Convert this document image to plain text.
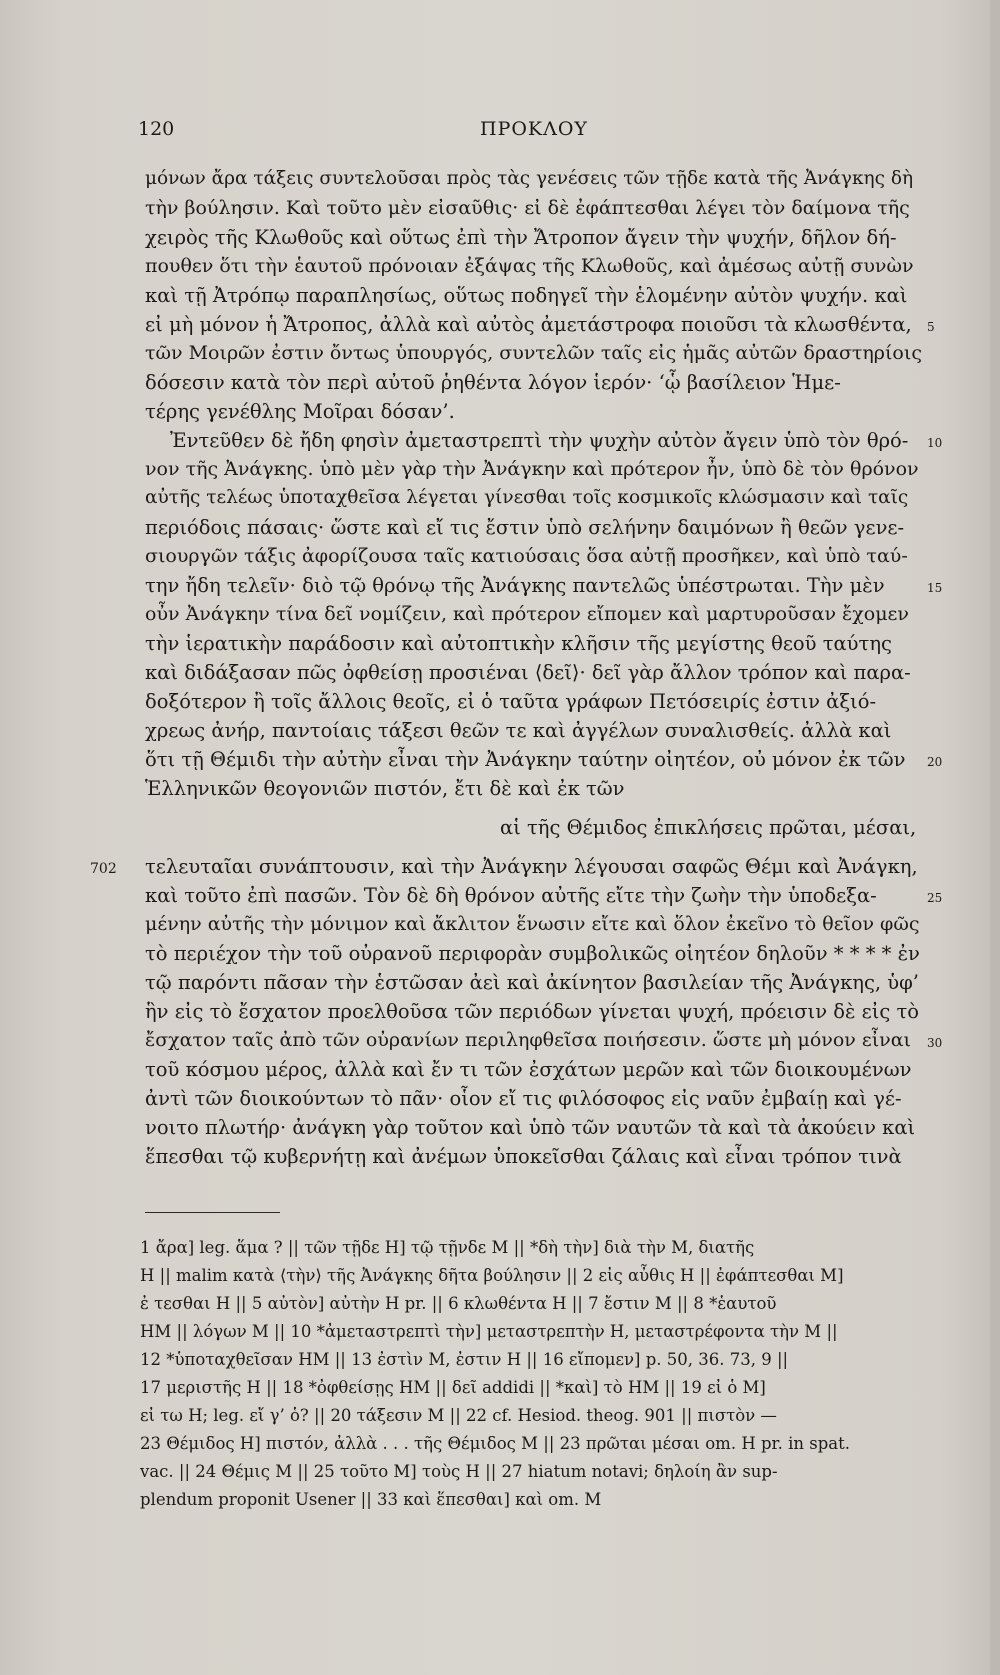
120	ΠΡΟΚΛΟΥ
μόνων ἄρα τάξεις συντελοῦσαι πρὸς τὰς γενέσεις τῶν τῇδε κατὰ τῆς Ἀνάγκης δὴ
τὴν βούλησιν. Καὶ τοῦτο μὲν εἰσαῦθις· εἰ δὲ ἐφάπτεσθαι λέγει τὸν δαίμονα τῆς
χειρὸς τῆς Κλωθοῦς καὶ οὕτως ἐπὶ τὴν Ἄτροπον ἄγειν τὴν ψυχήν, δῆλον δή-
πουθεν ὅτι τὴν ἑαυτοῦ πρόνοιαν ἐξάψας τῆς Κλωθοῦς, καὶ ἀμέσως αὐτῇ συνὼν
καὶ τῇ Ἀτρόπῳ παραπλησίως, οὕτως ποδηγεῖ τὴν ἑλομένην αὐτὸν ψυχήν. καὶ
εἰ μὴ μόνον ἡ Ἄτροπος, ἀλλὰ καὶ αὐτὸς ἀμετάστροφα ποιοῦσι τὰ κλωσθέντα,
τῶν Μοιρῶν ἐστιν ὄντως ὑπουργός, συντελῶν ταῖς εἰς ἡμᾶς αὐτῶν δραστηρίοις
δόσεσιν κατὰ τὸν περὶ αὐτοῦ ῥηθέντα λόγον ἱερόν· ‘ᾧ βασίλειον Ἡμε-
τέρης γενέθλης Μοῖραι δόσαν’.
Ἐντεῦθεν δὲ ἤδη φησὶν ἀμεταστρεπτὶ τὴν ψυχὴν αὐτὸν ἄγειν ὑπὸ τὸν θρό-
νον τῆς Ἀνάγκης. ὑπὸ μὲν γὰρ τὴν Ἀνάγκην καὶ πρότερον ἦν, ὑπὸ δὲ τὸν θρόνον
αὐτῆς τελέως ὑποταχθεῖσα λέγεται γίνεσθαι τοῖς κοσμικοῖς κλώσμασιν καὶ ταῖς
περιόδοις πάσαις· ὥστε καὶ εἴ τις ἔστιν ὑπὸ σελήνην δαιμόνων ἢ θεῶν γενε-
σιουργῶν τάξις ἀφορίζουσα ταῖς κατιούσαις ὅσα αὐτῇ προσῆκεν, καὶ ὑπὸ ταύ-
την ἤδη τελεῖν· διὸ τῷ θρόνῳ τῆς Ἀνάγκης παντελῶς ὑπέστρωται. Τὴν μὲν
οὖν Ἀνάγκην τίνα δεῖ νομίζειν, καὶ πρότερον εἴπομεν καὶ μαρτυροῦσαν ἔχομεν
τὴν ἱερατικὴν παράδοσιν καὶ αὐτοπτικὴν κλῆσιν τῆς μεγίστης θεοῦ ταύτης
καὶ διδάξασαν πῶς ὀφθείσῃ προσιέναι ⟨δεῖ⟩· δεῖ γὰρ ἄλλον τρόπον καὶ παρα-
δοξότερον ἢ τοῖς ἄλλοις θεοῖς, εἰ ὁ ταῦτα γράφων Πετόσειρίς ἐστιν ἀξιό-
χρεως ἀνήρ, παντοίαις τάξεσι θεῶν τε καὶ ἀγγέλων συναλισθείς. ἀλλὰ καὶ
ὅτι τῇ Θέμιδι τὴν αὐτὴν εἶναι τὴν Ἀνάγκην ταύτην οἰητέον, οὐ μόνον ἐκ τῶν
Ἑλληνικῶν θεογονιῶν πιστόν, ἔτι δὲ καὶ ἐκ τῶν
αἱ τῆς Θέμιδος ἐπικλήσεις πρῶται, μέσαι,
τελευταῖαι συνάπτουσιν, καὶ τὴν Ἀνάγκην λέγουσαι σαφῶς Θέμι καὶ Ἀνάγκη,
καὶ τοῦτο ἐπὶ πασῶν. Τὸν δὲ δὴ θρόνον αὐτῆς εἴτε τὴν ζωὴν τὴν ὑποδεξα-
μένην αὐτῆς τὴν μόνιμον καὶ ἄκλιτον ἕνωσιν εἴτε καὶ ὅλον ἐκεῖνο τὸ θεῖον φῶς
τὸ περιέχον τὴν τοῦ οὐρανοῦ περιφορὰν συμβολικῶς οἰητέον δηλοῦν * * * * ἐν
τῷ παρόντι πᾶσαν τὴν ἑστῶσαν ἀεὶ καὶ ἀκίνητον βασιλείαν τῆς Ἀνάγκης, ὑφ’
ἣν εἰς τὸ ἔσχατον προελθοῦσα τῶν περιόδων γίνεται ψυχή, πρόεισιν δὲ εἰς τὸ
ἔσχατον ταῖς ἀπὸ τῶν οὐρανίων περιληφθεῖσα ποιήσεσιν. ὥστε μὴ μόνον εἶναι
τοῦ κόσμου μέρος, ἀλλὰ καὶ ἔν τι τῶν ἐσχάτων μερῶν καὶ τῶν διοικουμένων
ἀντὶ τῶν διοικούντων τὸ πᾶν· οἷον εἴ τις φιλόσοφος εἰς ναῦν ἐμβαίῃ καὶ γέ-
νοιτο πλωτήρ· ἀνάγκη γὰρ τοῦτον καὶ ὑπὸ τῶν ναυτῶν τὰ καὶ τὰ ἀκούειν καὶ
ἕπεσθαι τῷ κυβερνήτῃ καὶ ἀνέμων ὑποκεῖσθαι ζάλαις καὶ εἶναι τρόπον τινὰ
5
10
15
20
25
30
702
1 ἄρα] leg. ἅμα ? || τῶν τῇδε H] τῷ τῇνδε M || *δὴ τὴν] διὰ τὴν M, διατῆς
H || malim κατὰ ⟨τὴν⟩ τῆς Ἀνάγκης δῆτα βούλησιν || 2 εἰς αὖθις H || ἐφάπτεσθαι M]
ἐ τεσθαι H || 5 αὐτὸν] αὐτὴν H pr. || 6 κλωθέντα H || 7 ἔστιν M || 8 *ἑαυτοῦ
HM || λόγων M || 10 *ἀμεταστρεπτὶ τὴν] μεταστρεπτὴν H, μεταστρέφοντα τὴν M ||
12 *ὑποταχθεῖσαν HM || 13 ἐστὶν M, ἐστιν H || 16 εἴπομεν] p. 50, 36. 73, 9 ||
17 μεριστῆς H || 18 *ὀφθείσῃς HM || δεῖ addidi || *καὶ] τὸ HM || 19 εἰ ὁ M]
εἰ τω H; leg. εἴ γ’ ὁ? || 20 τάξεσιν M || 22 cf. Hesiod. theog. 901 || πιστὸν —
23 Θέμιδος H] πιστόν, ἀλλὰ . . . τῆς Θέμιδος M || 23 πρῶται μέσαι om. H pr. in spat.
vac. || 24 Θέμις M || 25 τοῦτο M] τοὺς H || 27 hiatum notavi; δηλοίη ἂν sup-
plendum proponit Usener || 33 καὶ ἕπεσθαι] καὶ om. M
